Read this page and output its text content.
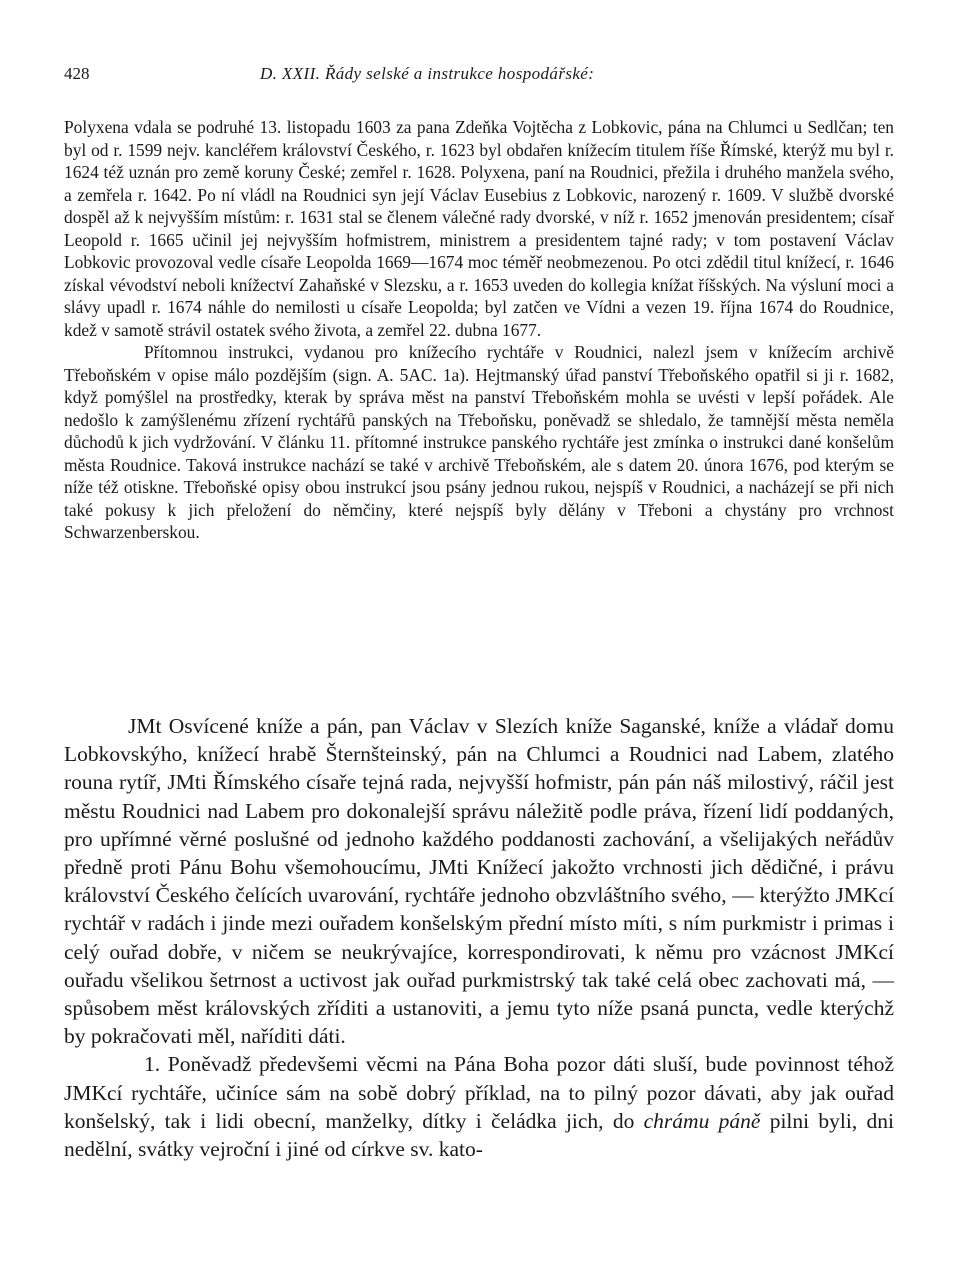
428	D. XXII. Řády selské a instrukce hospodářské:

Polyxena vdala se podruhé 13. listopadu 1603 za pana Zdeňka Vojtěcha z Lobkovic, pána na Chlumci u Sedlčan; ten byl od r. 1599 nejv. kancléřem království Českého, r. 1623 byl obdařen knížecím titulem říše Římské, kterýž mu byl r. 1624 též uznán pro země koruny České; zemřel r. 1628. Polyxena, paní na Roudnici, přežila i druhého manžela svého, a zemřela r. 1642. Po ní vládl na Roudnici syn její Václav Eusebius z Lobkovic, narozený r. 1609. V službě dvorské dospěl až k nejvyšším místům: r. 1631 stal se členem válečné rady dvorské, v níž r. 1652 jmenován presidentem; císař Leopold r. 1665 učinil jej nejvyšším hofmistrem, ministrem a presidentem tajné rady; v tom postavení Václav Lobkovic provozoval vedle císaře Leopolda 1669—1674 moc téměř neobmezenou. Po otci zdědil titul knížecí, r. 1646 získal vévodství neboli knížectví Zahaňské v Slezsku, a r. 1653 uveden do kollegia knížat říšských. Na výsluní moci a slávy upadl r. 1674 náhle do nemilosti u císaře Leopolda; byl zatčen ve Vídni a vezen 19. října 1674 do Roudnice, kdež v samotě strávil ostatek svého života, a zemřel 22. dubna 1677.

Přítomnou instrukci, vydanou pro knížecího rychtáře v Roudnici, nalezl jsem v knížecím archivě Třeboňském v opise málo pozdějším (sign. A. 5AC. 1a). Hejtmanský úřad panství Třeboňského opatřil si ji r. 1682, když pomýšlel na prostředky, kterak by správa měst na panství Třeboňském mohla se uvésti v lepší pořádek. Ale nedošlo k zamýšlenému zřízení rychtářů panských na Třeboňsku, poněvadž se shledalo, že tamnější města neměla důchodů k jich vydržování. V článku 11. přítomné instrukce panského rychtáře jest zmínka o instrukci dané konšelům města Roudnice. Taková instrukce nachází se také v archivě Třeboňském, ale s datem 20. února 1676, pod kterým se níže též otiskne. Třeboňské opisy obou instrukcí jsou psány jednou rukou, nejspíš v Roudnici, a nacházejí se při nich také pokusy k jich přeložení do němčiny, které nejspíš byly dělány v Třeboni a chystány pro vrchnost Schwarzenberskou.

JMt Osvícené kníže a pán, pan Václav v Slezích kníže Saganské, kníže a vládař domu Lobkovskýho, knížecí hrabě Šternšteinský, pán na Chlumci a Roudnici nad Labem, zlatého rouna rytíř, JMti Římského císaře tejná rada, nejvyšší hofmistr, pán pán náš milostivý, ráčil jest městu Roudnici nad Labem pro dokonalejší správu náležitě podle práva, řízení lidí poddaných, pro upřímné věrné poslušné od jednoho každého poddanosti zachování, a všelijakých neřádův předně proti Pánu Bohu všemohoucímu, JMti Knížecí jakožto vrchnosti jich dědičné, i právu království Českého čelících uvarování, rychtáře jednoho obzvláštního svého, — kterýžto JMKcí rychtář v radách i jinde mezi ouřadem konšelským přední místo míti, s ním purkmistr i primas i celý ouřad dobře, v ničem se neukrývajíce, korrespondirovati, k němu pro vzácnost JMKcí ouřadu všelikou šetrnost a uctivost jak ouřad purkmistrský tak také celá obec zachovati má, — spůsobem měst královských zříditi a ustanoviti, a jemu tyto níže psaná puncta, vedle kterýchž by pokračovati měl, naříditi dáti.

1. Poněvadž předevšemi věcmi na Pána Boha pozor dáti sluší, bude povinnost téhož JMKcí rychtáře, učiníce sám na sobě dobrý příklad, na to pilný pozor dávati, aby jak ouřad konšelský, tak i lidi obecní, manželky, dítky i čeládka jich, do chrámu páně pilni byli, dni nedělní, svátky vejroční i jiné od církve sv. kato-
